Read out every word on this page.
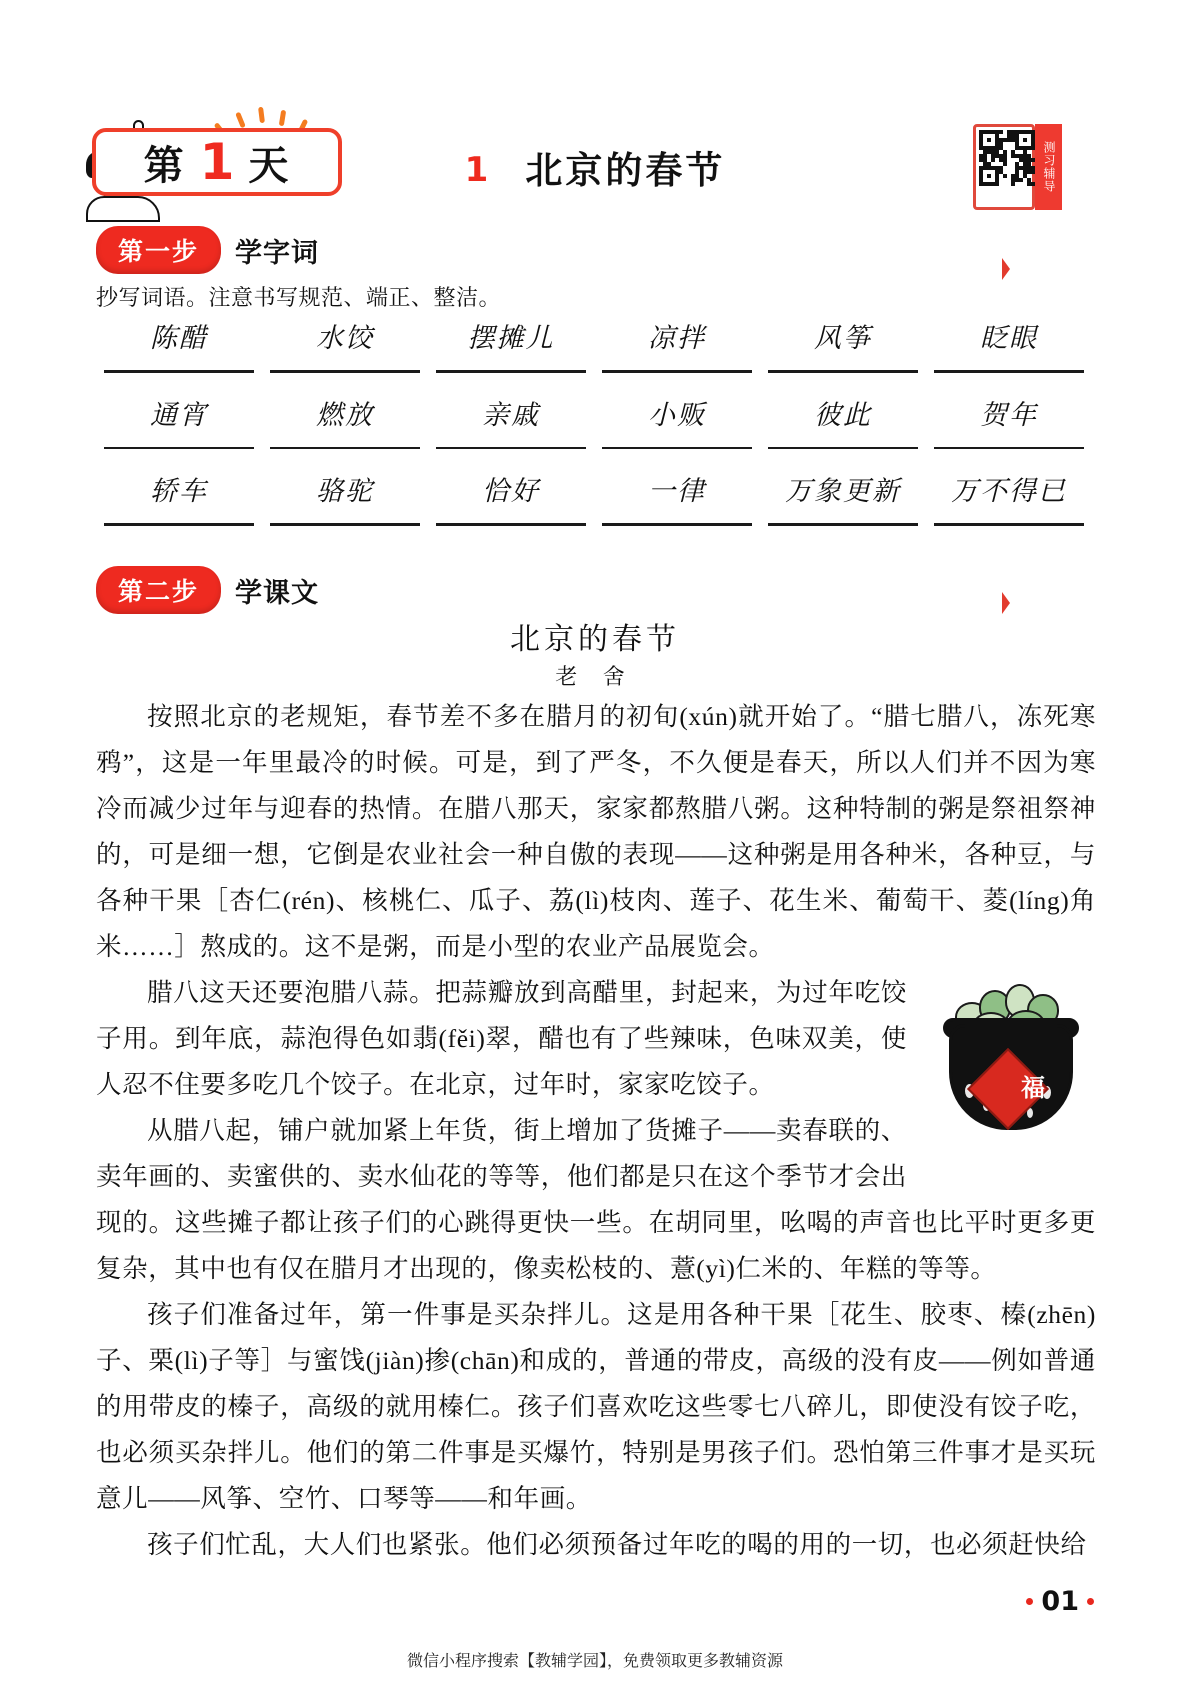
第 1 天	1 北京的春节	测习辅导
第一步	学字词
抄写词语。注意书写规范、端正、整洁。
陈醋	水饺	摆摊儿	凉拌	风筝	眨眼
通宵	燃放	亲戚	小贩	彼此	贺年
轿车	骆驼	恰好	一律	万象更新	万不得已
第二步	学课文
北京的春节
老 舍

按照北京的老规矩，春节差不多在腊月的初旬(xún)就开始了。“腊七腊八，冻死寒鸦”，这是一年里最冷的时候。可是，到了严冬，不久便是春天，所以人们并不因为寒冷而减少过年与迎春的热情。在腊八那天，家家都熬腊八粥。这种特制的粥是祭祖祭神的，可是细一想，它倒是农业社会一种自傲的表现——这种粥是用各种米，各种豆，与各种干果［杏仁(rén)、核桃仁、瓜子、荔(lì)枝肉、莲子、花生米、葡萄干、菱(líng)角米……］熬成的。这不是粥，而是小型的农业产品展览会。

福
腊八这天还要泡腊八蒜。把蒜瓣放到高醋里，封起来，为过年吃饺子用。到年底，蒜泡得色如翡(fěi)翠，醋也有了些辣味，色味双美，使人忍不住要多吃几个饺子。在北京，过年时，家家吃饺子。

从腊八起，铺户就加紧上年货，街上增加了货摊子——卖春联的、卖年画的、卖蜜供的、卖水仙花的等等，他们都是只在这个季节才会出现的。这些摊子都让孩子们的心跳得更快一些。在胡同里，吆喝的声音也比平时更多更复杂，其中也有仅在腊月才出现的，像卖松枝的、薏(yì)仁米的、年糕的等等。

孩子们准备过年，第一件事是买杂拌儿。这是用各种干果［花生、胶枣、榛(zhēn)子、栗(lì)子等］与蜜饯(jiàn)掺(chān)和成的，普通的带皮，高级的没有皮——例如普通的用带皮的榛子，高级的就用榛仁。孩子们喜欢吃这些零七八碎儿，即使没有饺子吃，也必须买杂拌儿。他们的第二件事是买爆竹，特别是男孩子们。恐怕第三件事才是买玩意儿——风筝、空竹、口琴等——和年画。

孩子们忙乱，大人们也紧张。他们必须预备过年吃的喝的用的一切，也必须赶快给

01
微信小程序搜索【教辅学园】，免费领取更多教辅资源
